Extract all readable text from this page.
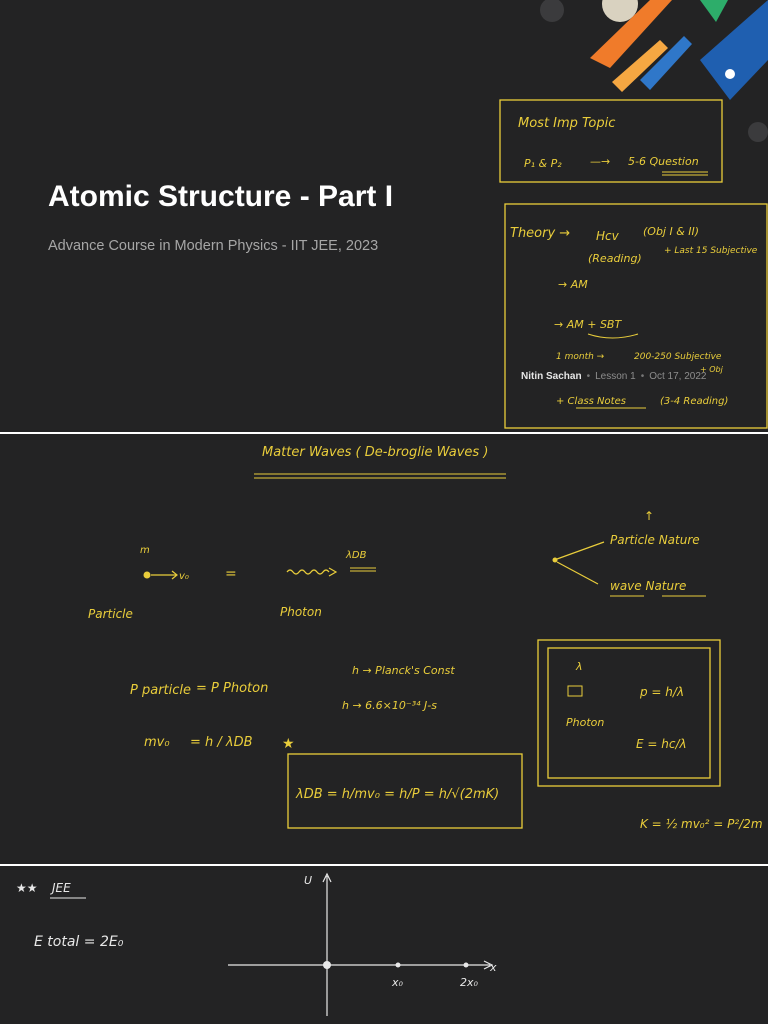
Most Imp Topic
P₁ & P₂	—→ 5-6 Question
Theory → Hcv (Obj I & II)
(Reading)
+ Last 15 Subjective
→ AM
→ AM + SBT
1 month →	200-250 Subjective
+ Obj
+ Class Notes	(3-4 Reading)
Atomic Structure - Part I
Advance Course in Modern Physics - IIT JEE, 2023
Nitin Sachan • Lesson 1 • Oct 17, 2022
Matter Waves ( De-broglie Waves )
m
v₀	=
Particle
λDB
Photon
↑
Particle Nature
wave Nature
P particle = P Photon
h → Planck's Const
h → 6.6×10⁻³⁴ J-s
mv₀ = h / λDB ★
λDB = h/mv₀ = h/P = h/√(2mK)
λ
Photon
p = h/λ
E = hc/λ
K = ½ mv₀² = P²/2m
★★ JEE
E total = 2E₀
U
x
x₀	2x₀
